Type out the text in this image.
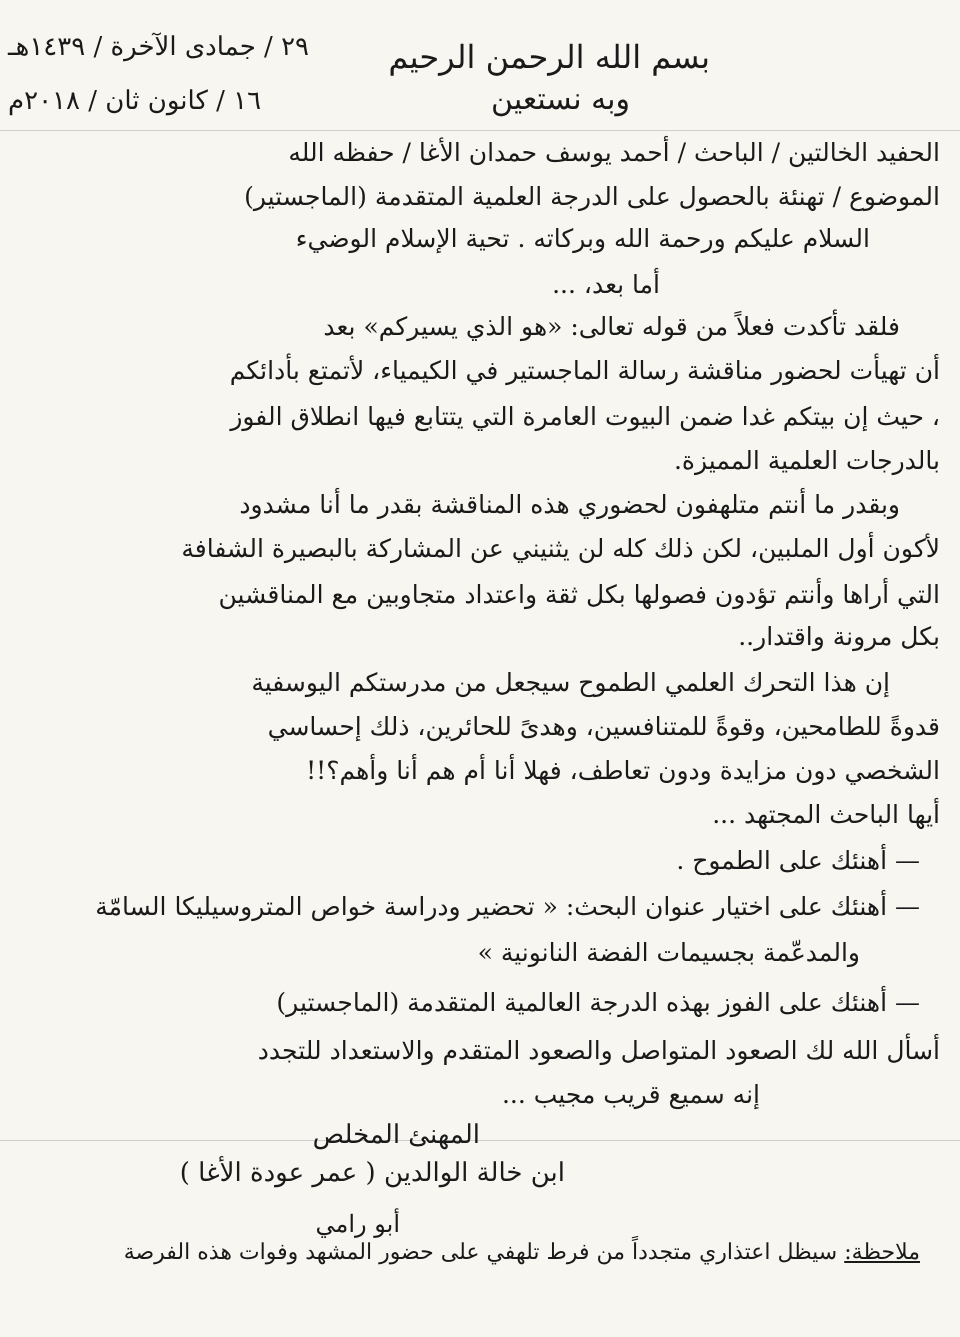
٢٩ / جمادى الآخرة / ١٤٣٩هـ
١٦ / كانون ثان / ٢٠١٨م
بسم الله الرحمن الرحيم
وبه نستعين
الحفيد الخالتين / الباحث / أحمد يوسف حمدان الأغا / حفظه الله
الموضوع / تهنئة بالحصول على الدرجة العلمية المتقدمة (الماجستير)
السلام عليكم ورحمة الله وبركاته . تحية الإسلام الوضيء
أما بعد، ...
فلقد تأكدت فعلاً من قوله تعالى: «هو الذي يسيركم» بعد
أن تهيأت لحضور مناقشة رسالة الماجستير في الكيمياء، لأتمتع بأدائكم
، حيث إن بيتكم غدا ضمن البيوت العامرة التي يتتابع فيها انطلاق الفوز
بالدرجات العلمية المميزة.
وبقدر ما أنتم متلهفون لحضوري هذه المناقشة بقدر ما أنا مشدود
لأكون أول الملبين، لكن ذلك كله لن يثنيني عن المشاركة بالبصيرة الشفافة
التي أراها وأنتم تؤدون فصولها بكل ثقة واعتداد متجاوبين مع المناقشين
بكل مرونة واقتدار..
إن هذا التحرك العلمي الطموح سيجعل من مدرستكم اليوسفية
قدوةً للطامحين، وقوةً للمتنافسين، وهدىً للحائرين، ذلك إحساسي
الشخصي دون مزايدة ودون تعاطف، فهلا أنا أم هم أنا وأهم؟!!
أيها الباحث المجتهد ...
— أهنئك على الطموح .
— أهنئك على اختيار عنوان البحث: « تحضير ودراسة خواص المتروسيليكا السامّة
والمدعّمة بجسيمات الفضة النانونية »
— أهنئك على الفوز بهذه الدرجة العالمية المتقدمة (الماجستير)
أسأل الله لك الصعود المتواصل والصعود المتقدم والاستعداد للتجدد
إنه سميع قريب مجيب ...
المهنئ المخلص
ابن خالة الوالدين ( عمر عودة الأغا )
أبو رامي
ملاحظة: سيظل اعتذاري متجدداً من فرط تلهفي على حضور المشهد وفوات هذه الفرصة
